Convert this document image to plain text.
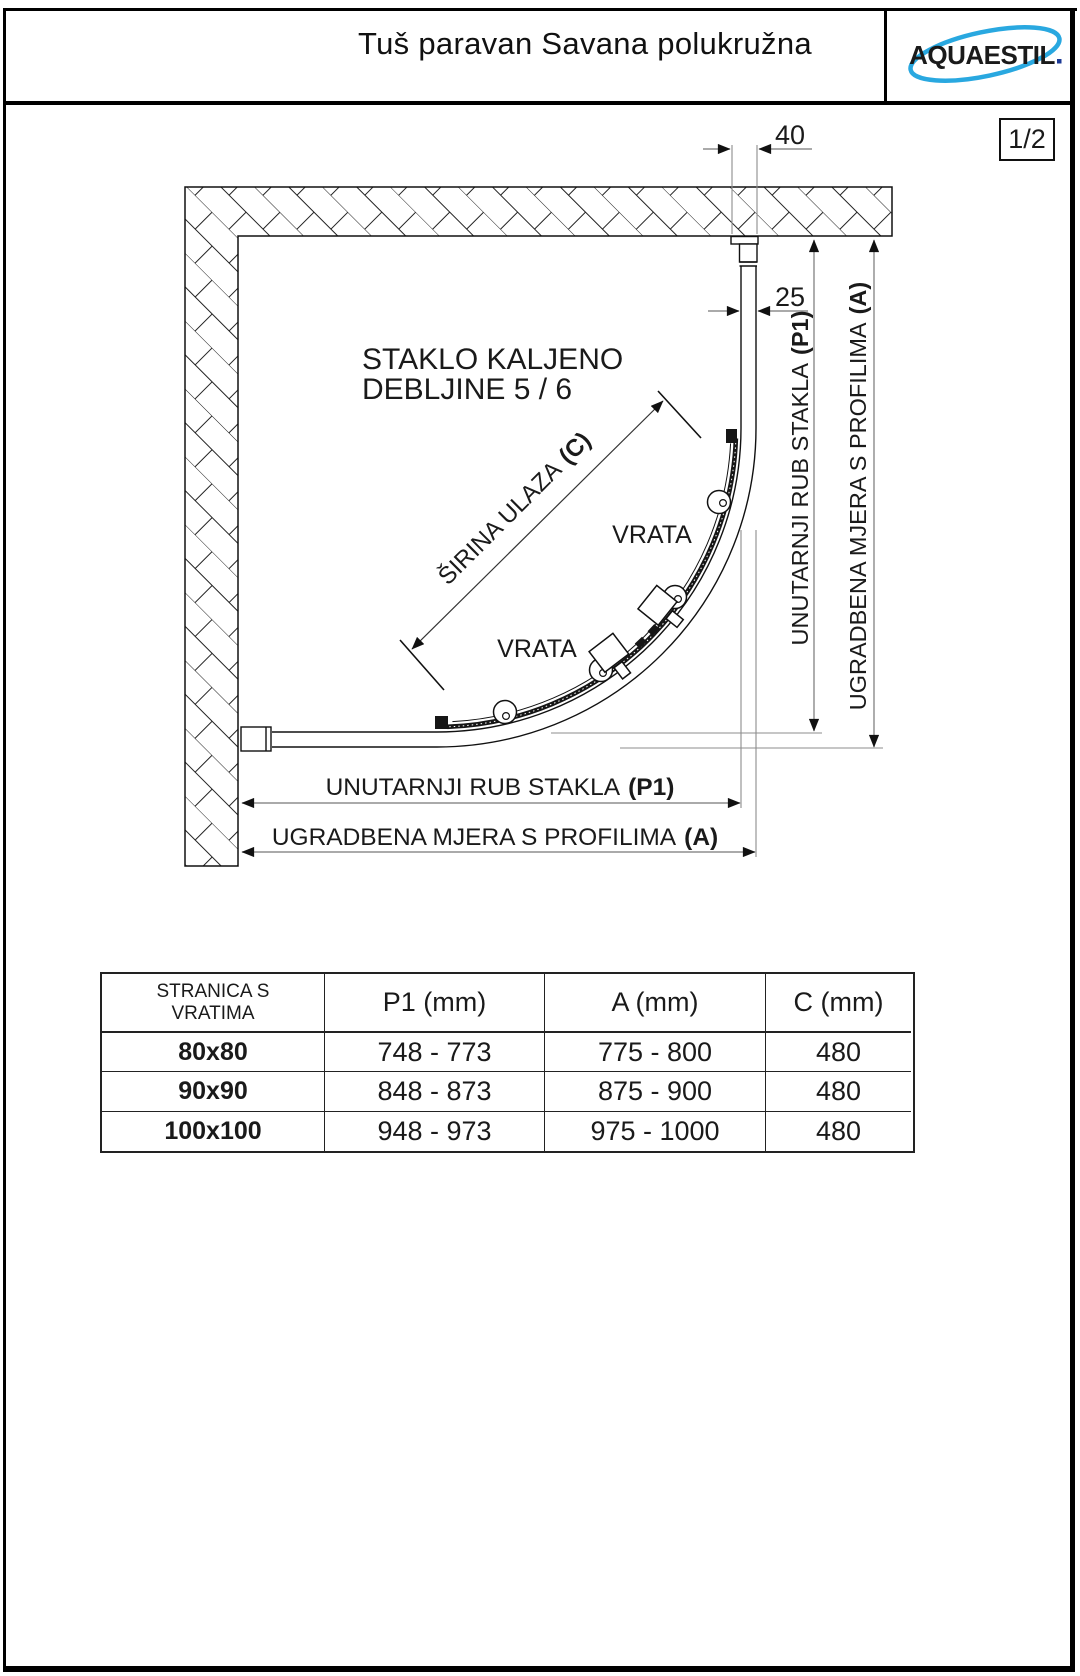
Tuš paravan Savana polukružna	AQUAESTIL
1/2
ŠIRINA ULAZA(C)
40
25
UNUTARNJI RUB STAKLA(P1) UGRADBENA MJERA S PROFILIMA(A)
UNUTARNJI RUB STAKLA (P1)
UGRADBENA MJERA S PROFILIMA (A)
STAKLO KALJENO
DEBLJINE 5 / 6
VRATA
VRATA
STRANICA S
VRATIMA	P1 (mm)	A (mm)	C (mm)
80x80	748 - 773	775 - 800	480
90x90	848 - 873	875 - 900	480
100x100	948 - 973	975 - 1000	480
